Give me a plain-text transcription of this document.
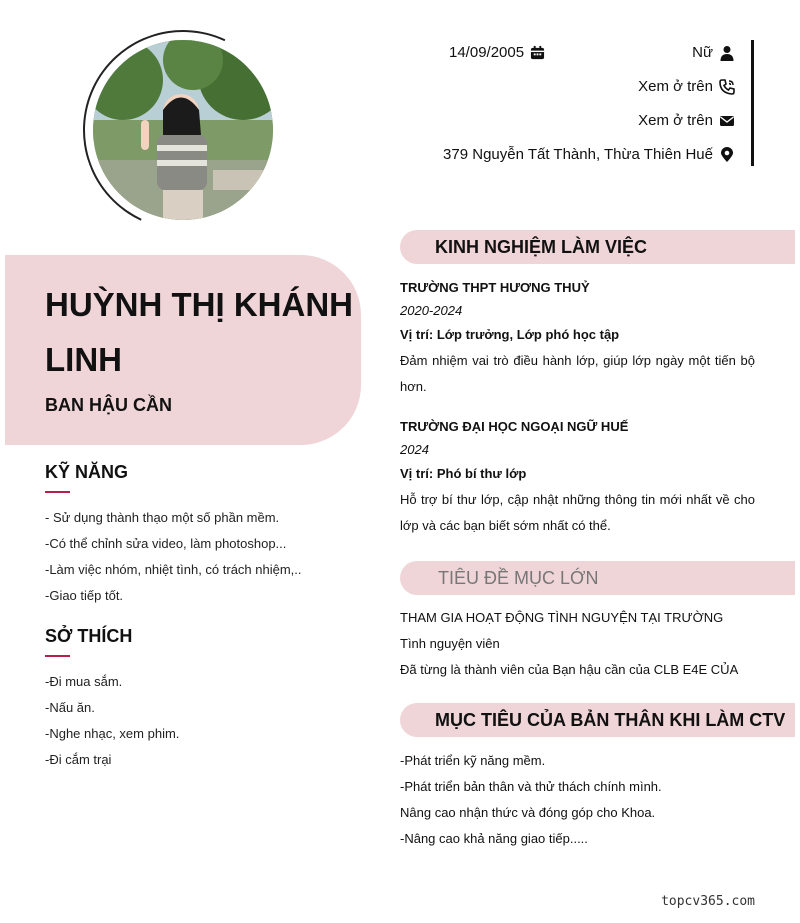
14/09/2005	Nữ
Xem ở trên
Xem ở trên
379 Nguyễn Tất Thành, Thừa Thiên Huế
HUỲNH THỊ KHÁNH LINH
BAN HẬU CẦN
KỸ NĂNG
- Sử dụng thành thạo một số phần mềm.
-Có thể chỉnh sửa video, làm photoshop...
-Làm việc nhóm, nhiệt tình, có trách nhiệm,..
-Giao tiếp tốt.
SỞ THÍCH
-Đi mua sắm.
-Nấu ăn.
-Nghe nhạc, xem phim.
-Đi cắm trại
KINH NGHIỆM LÀM VIỆC
TRƯỜNG THPT HƯƠNG THUỶ
2020-2024
Vị trí: Lớp trưởng, Lớp phó học tập
Đảm nhiệm vai trò điều hành lớp, giúp lớp ngày một tiến bộ hơn.
TRƯỜNG ĐẠI HỌC NGOẠI NGỮ HUẾ
2024
Vị trí: Phó bí thư lớp
Hỗ trợ bí thư lớp, cập nhật những thông tin mới nhất về cho lớp và các bạn biết sớm nhất có thể.
TIÊU ĐỀ MỤC LỚN
THAM GIA HOẠT ĐỘNG TÌNH NGUYỆN TẠI TRƯỜNG
Tình nguyện viên
Đã từng là thành viên của Bạn hậu cần của CLB E4E CỦA
MỤC TIÊU CỦA BẢN THÂN KHI LÀM CTV
-Phát triển kỹ năng mềm.
-Phát triển bản thân và thử thách chính mình.
Nâng cao nhận thức và đóng góp cho Khoa.
-Nâng cao khả năng giao tiếp.....
topcv365.com
